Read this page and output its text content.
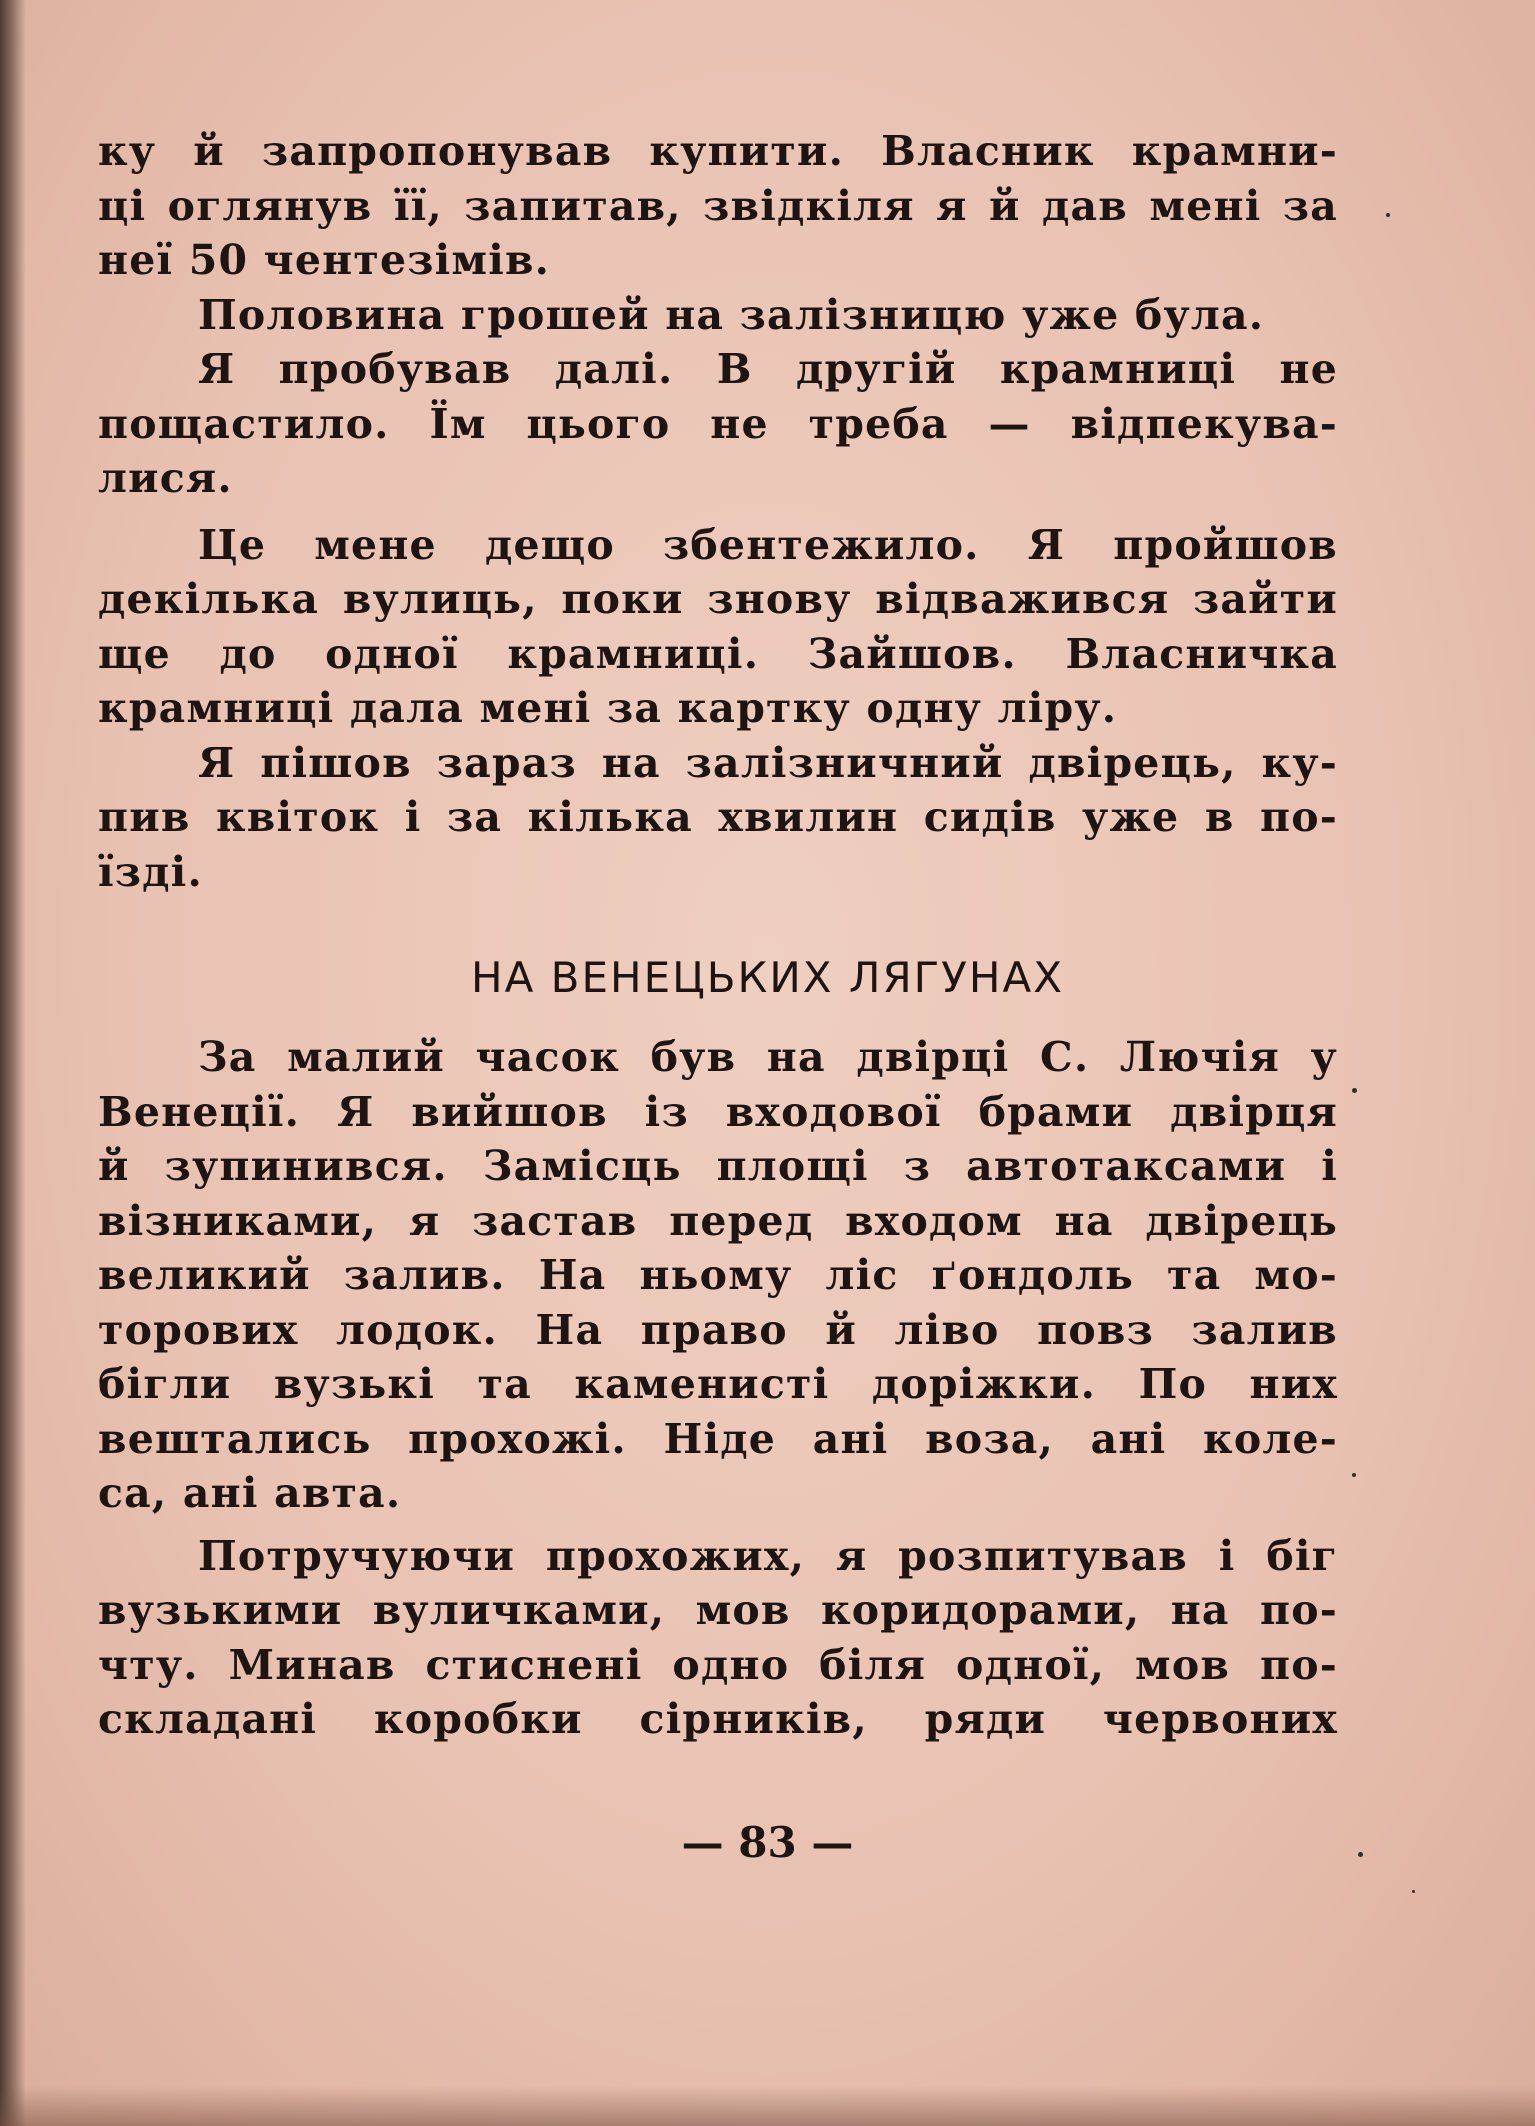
ку й запропонував купити. Власник крамни-
ці оглянув її, запитав, звідкіля я й дав мені за
неї 50 чентезімів.
Половина грошей на залізницю уже була.
Я пробував далі. В другій крамниці не
пощастило. Їм цього не треба — відпекува-
лися.
Це мене дещо збентежило. Я пройшов
декілька вулиць, поки знову відважився зайти
ще до одної крамниці. Зайшов. Власничка
крамниці дала мені за картку одну ліру.
Я пішов зараз на залізничний двірець, ку-
пив квіток і за кілька хвилин сидів уже в по-
їзді.
НА ВЕНЕЦЬКИХ ЛЯГУНАХ
За малий часок був на двірці С. Лючія у
Венеції. Я вийшов із входової брами двірця
й зупинився. Замісць площі з автотаксами і
візниками, я застав перед входом на двірець
великий залив. На ньому ліс ґондоль та мо-
торових лодок. На право й ліво повз залив
бігли вузькі та каменисті доріжки. По них
вештались прохожі. Ніде ані воза, ані коле-
са, ані авта.
Потручуючи прохожих, я розпитував і біг
вузькими вуличками, мов коридорами, на по-
чту. Минав стиснені одно біля одної, мов по-
складані коробки сірників, ряди червоних
— 83 —
